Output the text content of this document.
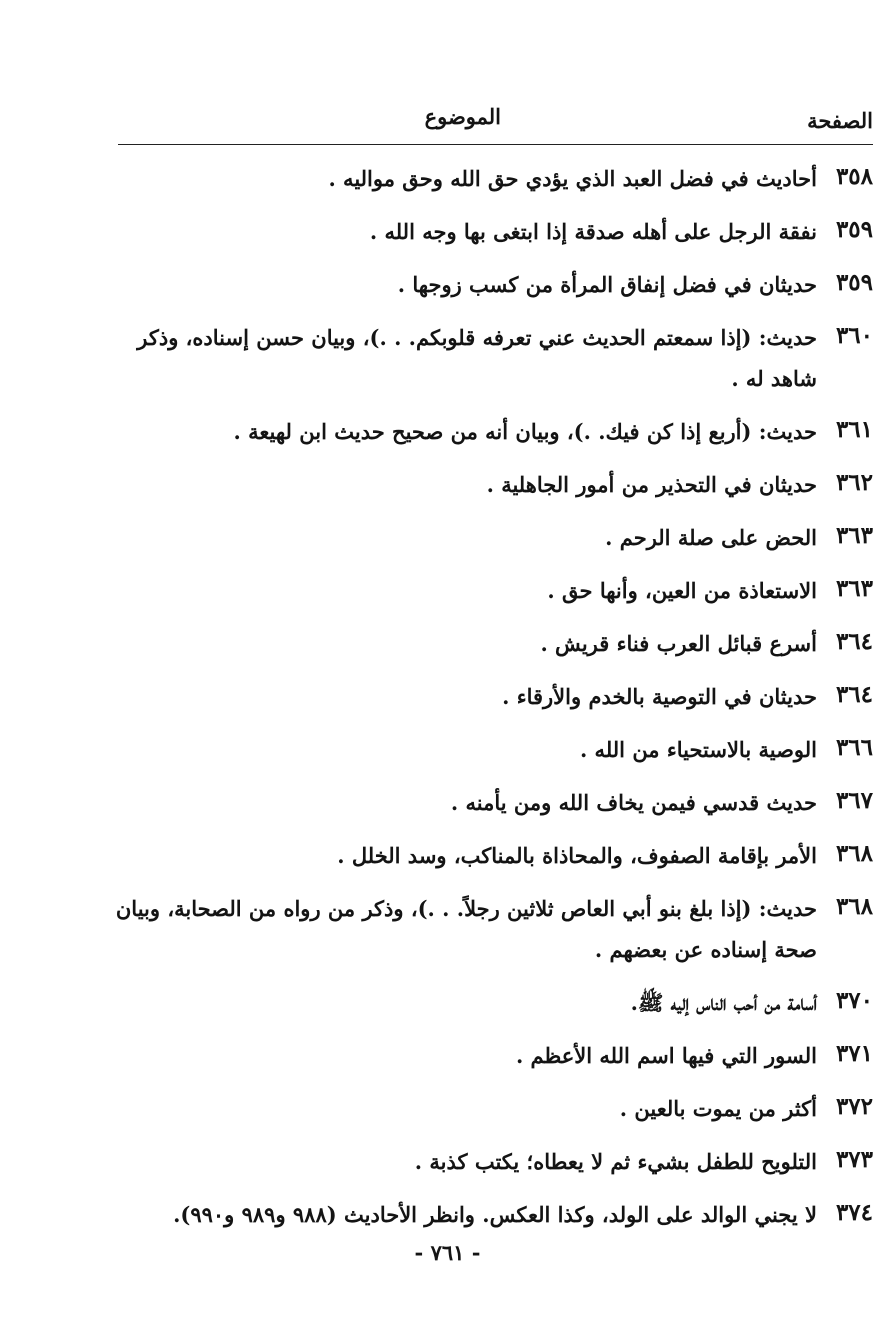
الصفحة
الموضوع
٣٥٨
أحاديث في فضل العبد الذي يؤدي حق الله وحق مواليه .
٣٥٩
نفقة الرجل على أهله صدقة إذا ابتغى بها وجه الله .
٣٥٩
حديثان في فضل إنفاق المرأة من كسب زوجها .
٣٦٠
حديث: (إذا سمعتم الحديث عني تعرفه قلوبكم. . .)، وبيان حسن إسناده، وذكر شاهد له .
٣٦١
حديث: (أربع إذا كن فيك. .)، وبيان أنه من صحيح حديث ابن لهيعة .
٣٦٢
حديثان في التحذير من أمور الجاهلية .
٣٦٣
الحض على صلة الرحم .
٣٦٣
الاستعاذة من العين، وأنها حق .
٣٦٤
أسرع قبائل العرب فناء قريش .
٣٦٤
حديثان في التوصية بالخدم والأرقاء .
٣٦٦
الوصية بالاستحياء من الله .
٣٦٧
حديث قدسي فيمن يخاف الله ومن يأمنه .
٣٦٨
الأمر بإقامة الصفوف، والمحاذاة بالمناكب، وسد الخلل .
٣٦٨
حديث: (إذا بلغ بنو أبي العاص ثلاثين رجلاً. . .)، وذكر من رواه من الصحابة، وبيان صحة إسناده عن بعضهم .
٣٧٠
أسامة من أحب الناس إليه ﷺ.
٣٧١
السور التي فيها اسم الله الأعظم .
٣٧٢
أكثر من يموت بالعين .
٣٧٣
التلويح للطفل بشيء ثم لا يعطاه؛ يكتب كذبة .
٣٧٤
لا يجني الوالد على الولد، وكذا العكس. وانظر الأحاديث (٩٨٨ و٩٨٩ و٩٩٠).
- ٧٦١ -
